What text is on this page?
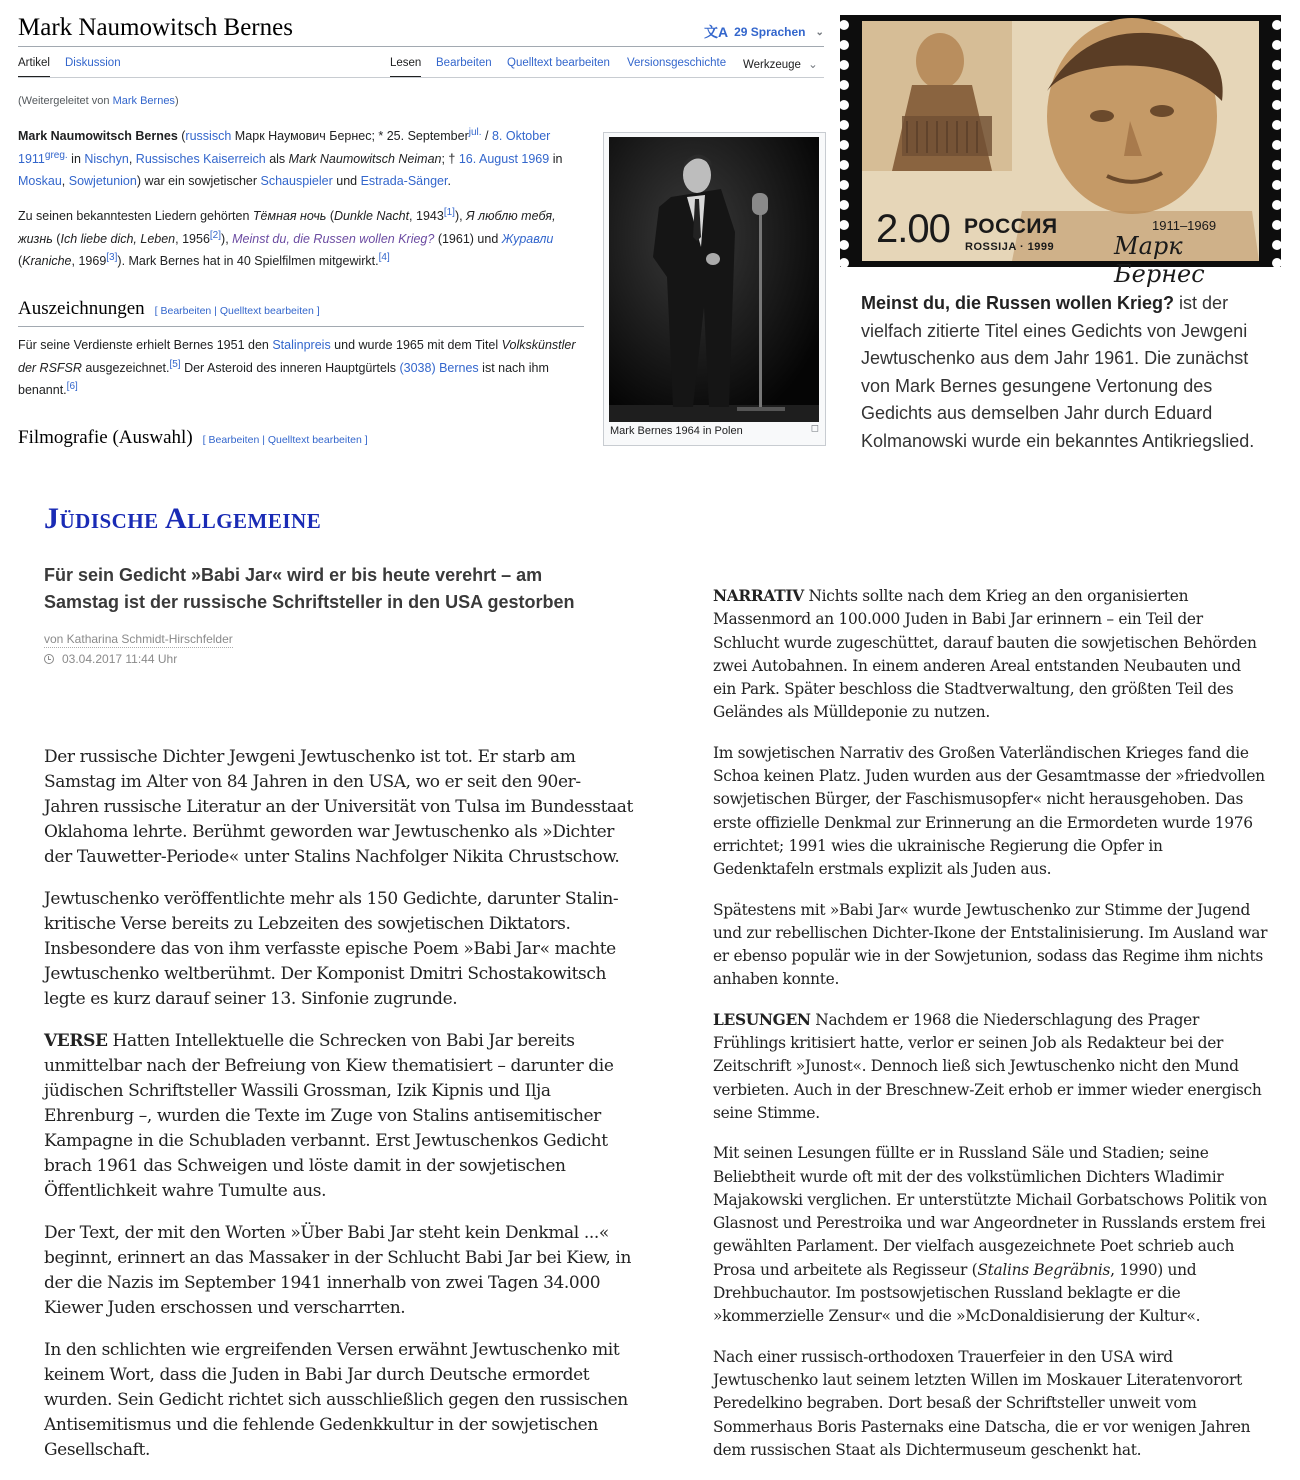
Mark Naumowitsch Bernes	文A 29 Sprachen ⌄
Artikel Diskussion	Lesen Bearbeiten Quelltext bearbeiten Versionsgeschichte Werkzeuge ⌄
(Weitergeleitet von Mark Bernes)
Mark Naumowitsch Bernes (russisch Марк Наумович Бернес; * 25. September$^{jul.}$ / 8. Oktober $1911^{greg.}$ in Nischyn, Russisches Kaiserreich als Mark Naumowitsch Neiman; † 16. August 1969 in Moskau, Sowjetunion) war ein sowjetischer Schauspieler und Estrada-Sänger.
Zu seinen bekanntesten Liedern gehörten Тёмная ночь (Dunkle Nacht, 1943[1]), Я люблю тебя, жизнь (Ich liebe dich, Leben, 1956[2]), Meinst du, die Russen wollen Krieg? (1961) und Журавли (Kraniche, 1969[3]). Mark Bernes hat in 40 Spielfilmen mitgewirkt.[4]
Auszeichnungen [ Bearbeiten | Quelltext bearbeiten ]
Für seine Verdienste erhielt Bernes 1951 den Stalinpreis und wurde 1965 mit dem Titel Volkskünstler der RSFSR ausgezeichnet.[5] Der Asteroid des inneren Hauptgürtels (3038) Bernes ist nach ihm benannt.[6]
Filmografie (Auswahl) [ Bearbeiten | Quelltext bearbeiten ]
Mark Bernes 1964 in Polen	◻
2.00 РОССИЯ
ROSSIJA · 1999
1911–1969
Марк Бернес
Meinst du, die Russen wollen Krieg? ist der vielfach zitierte Titel eines Gedichts von Jewgeni Jewtuschenko aus dem Jahr 1961. Die zunächst von Mark Bernes gesungene Vertonung des Gedichts aus demselben Jahr durch Eduard Kolmanowski wurde ein bekanntes Antikriegslied.
Jüdische Allgemeine
Für sein Gedicht »Babi Jar« wird er bis heute verehrt – am Samstag ist der russische Schriftsteller in den USA gestorben
von Katharina Schmidt-Hirschfelder
03.04.2017 11:44 Uhr

Der russische Dichter Jewgeni Jewtuschenko ist tot. Er starb am Samstag im Alter von 84 Jahren in den USA, wo er seit den 90er-Jahren russische Literatur an der Universität von Tulsa im Bundesstaat Oklahoma lehrte. Berühmt geworden war Jewtuschenko als »Dichter der Tauwetter-Periode« unter Stalins Nachfolger Nikita Chrustschow.

Jewtuschenko veröffentlichte mehr als 150 Gedichte, darunter Stalin-kritische Verse bereits zu Lebzeiten des sowjetischen Diktators. Insbesondere das von ihm verfasste epische Poem »Babi Jar« machte Jewtuschenko weltberühmt. Der Komponist Dmitri Schostakowitsch legte es kurz darauf seiner 13. Sinfonie zugrunde.

VERSE Hatten Intellektuelle die Schrecken von Babi Jar bereits unmittelbar nach der Befreiung von Kiew thematisiert – darunter die jüdischen Schriftsteller Wassili Grossman, Izik Kipnis und Ilja Ehrenburg –, wurden die Texte im Zuge von Stalins antisemitischer Kampagne in die Schubladen verbannt. Erst Jewtuschenkos Gedicht brach 1961 das Schweigen und löste damit in der sowjetischen Öffentlichkeit wahre Tumulte aus.

Der Text, der mit den Worten »Über Babi Jar steht kein Denkmal ...« beginnt, erinnert an das Massaker in der Schlucht Babi Jar bei Kiew, in der die Nazis im September 1941 innerhalb von zwei Tagen 34.000 Kiewer Juden erschossen und verscharrten.

In den schlichten wie ergreifenden Versen erwähnt Jewtuschenko mit keinem Wort, dass die Juden in Babi Jar durch Deutsche ermordet wurden. Sein Gedicht richtet sich ausschließlich gegen den russischen Antisemitismus und die fehlende Gedenkkultur in der sowjetischen Gesellschaft.

NARRATIV Nichts sollte nach dem Krieg an den organisierten Massenmord an 100.000 Juden in Babi Jar erinnern – ein Teil der Schlucht wurde zugeschüttet, darauf bauten die sowjetischen Behörden zwei Autobahnen. In einem anderen Areal entstanden Neubauten und ein Park. Später beschloss die Stadtverwaltung, den größten Teil des Geländes als Mülldeponie zu nutzen.

Im sowjetischen Narrativ des Großen Vaterländischen Krieges fand die Schoa keinen Platz. Juden wurden aus der Gesamtmasse der »friedvollen sowjetischen Bürger, der Faschismusopfer« nicht herausgehoben. Das erste offizielle Denkmal zur Erinnerung an die Ermordeten wurde 1976 errichtet; 1991 wies die ukrainische Regierung die Opfer in Gedenktafeln erstmals explizit als Juden aus.

Spätestens mit »Babi Jar« wurde Jewtuschenko zur Stimme der Jugend und zur rebellischen Dichter-Ikone der Entstalinisierung. Im Ausland war er ebenso populär wie in der Sowjetunion, sodass das Regime ihm nichts anhaben konnte.

LESUNGEN Nachdem er 1968 die Niederschlagung des Prager Frühlings kritisiert hatte, verlor er seinen Job als Redakteur bei der Zeitschrift »Junost«. Dennoch ließ sich Jewtuschenko nicht den Mund verbieten. Auch in der Breschnew-Zeit erhob er immer wieder energisch seine Stimme.

Mit seinen Lesungen füllte er in Russland Säle und Stadien; seine Beliebtheit wurde oft mit der des volkstümlichen Dichters Wladimir Majakowski verglichen. Er unterstützte Michail Gorbatschows Politik von Glasnost und Perestroika und war Angeordneter in Russlands erstem frei gewählten Parlament. Der vielfach ausgezeichnete Poet schrieb auch Prosa und arbeitete als Regisseur (Stalins Begräbnis, 1990) und Drehbuchautor. Im postsowjetischen Russland beklagte er die »kommerzielle Zensur« und die »McDonaldisierung der Kultur«.

Nach einer russisch-orthodoxen Trauerfeier in den USA wird Jewtuschenko laut seinem letzten Willen im Moskauer Literatenvorort Peredelkino begraben. Dort besaß der Schriftsteller unweit vom Sommerhaus Boris Pasternaks eine Datscha, die er vor wenigen Jahren dem russischen Staat als Dichtermuseum geschenkt hat.
